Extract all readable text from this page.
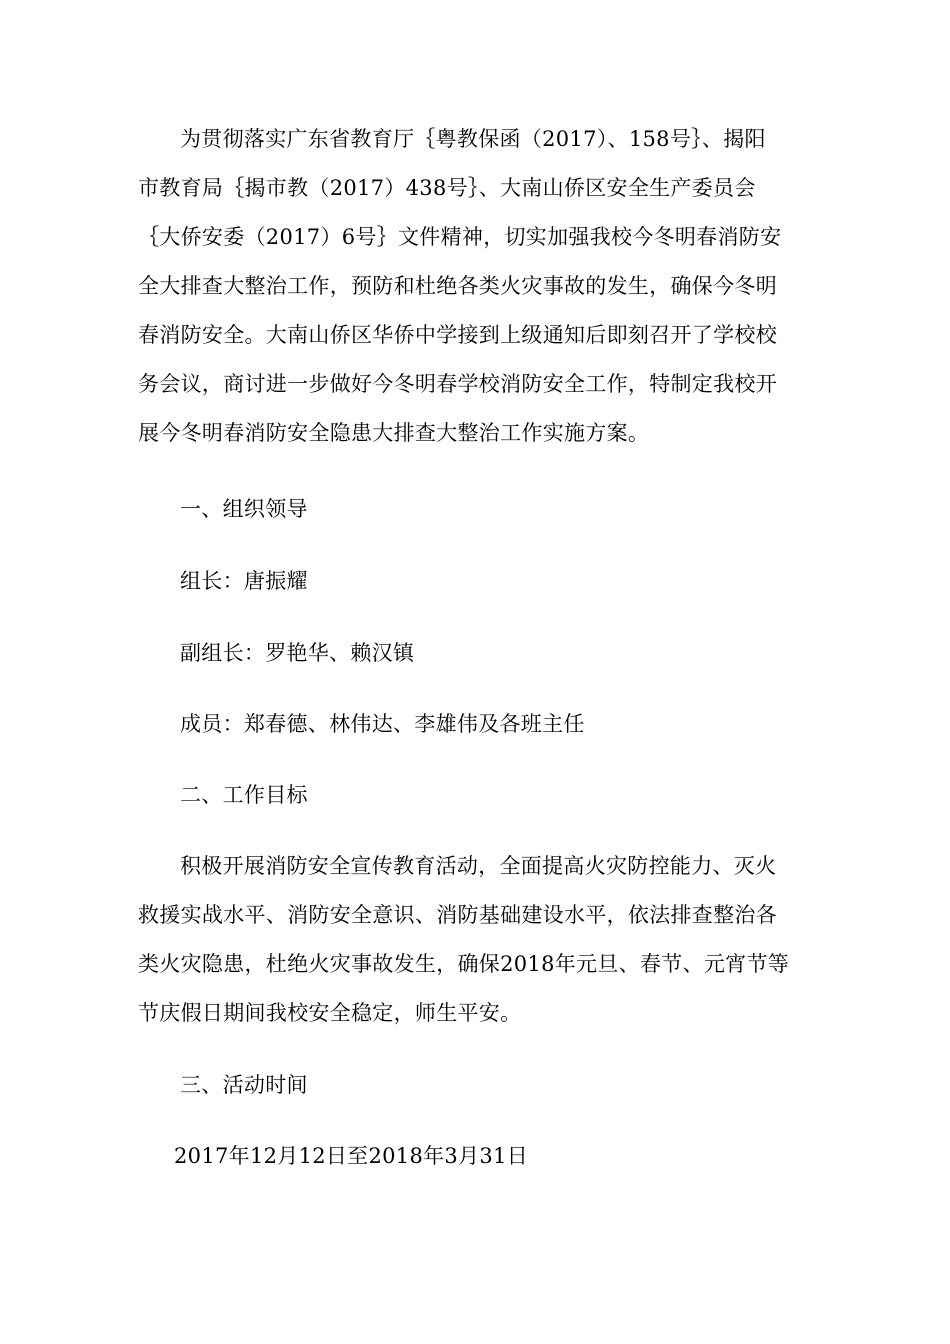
为贯彻落实广东省教育厅｛粤教保函（2017）、158号｝、揭阳
市教育局｛揭市教（2017）438号｝、大南山侨区安全生产委员会
｛大侨安委（2017）6号｝文件精神，切实加强我校今冬明春消防安
全大排查大整治工作，预防和杜绝各类火灾事故的发生，确保今冬明
春消防安全。大南山侨区华侨中学接到上级通知后即刻召开了学校校
务会议，商讨进一步做好今冬明春学校消防安全工作，特制定我校开
展今冬明春消防安全隐患大排查大整治工作实施方案。
一、组织领导
组长：唐振耀
副组长：罗艳华、赖汉镇
成员：郑春德、林伟达、李雄伟及各班主任
二、工作目标
积极开展消防安全宣传教育活动，全面提高火灾防控能力、灭火
救援实战水平、消防安全意识、消防基础建设水平，依法排查整治各
类火灾隐患，杜绝火灾事故发生，确保2018年元旦、春节、元宵节等
节庆假日期间我校安全稳定，师生平安。
三、活动时间
2017年12月12日至2018年3月31日
